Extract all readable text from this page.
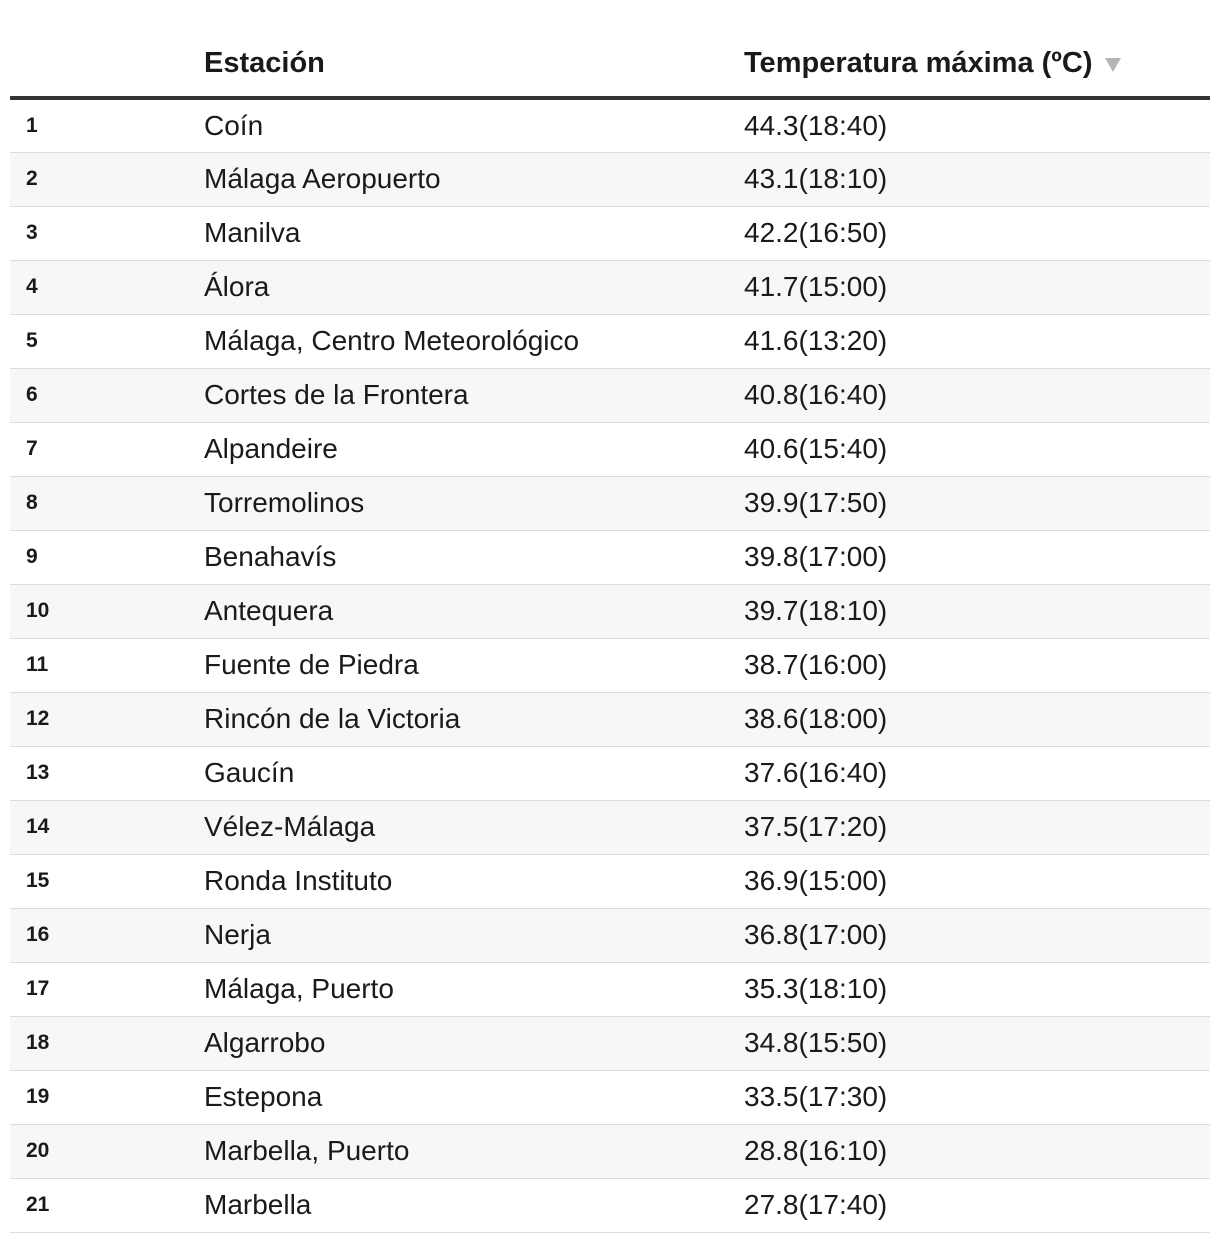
	Estación	Temperatura máxima (ºC)

1	Coín	44.3(18:40)
2	Málaga Aeropuerto	43.1(18:10)
3	Manilva	42.2(16:50)
4	Álora	41.7(15:00)
5	Málaga, Centro Meteorológico	41.6(13:20)
6	Cortes de la Frontera	40.8(16:40)
7	Alpandeire	40.6(15:40)
8	Torremolinos	39.9(17:50)
9	Benahavís	39.8(17:00)
10	Antequera	39.7(18:10)
11	Fuente de Piedra	38.7(16:00)
12	Rincón de la Victoria	38.6(18:00)
13	Gaucín	37.6(16:40)
14	Vélez-Málaga	37.5(17:20)
15	Ronda Instituto	36.9(15:00)
16	Nerja	36.8(17:00)
17	Málaga, Puerto	35.3(18:10)
18	Algarrobo	34.8(15:50)
19	Estepona	33.5(17:30)
20	Marbella, Puerto	28.8(16:10)
21	Marbella	27.8(17:40)
